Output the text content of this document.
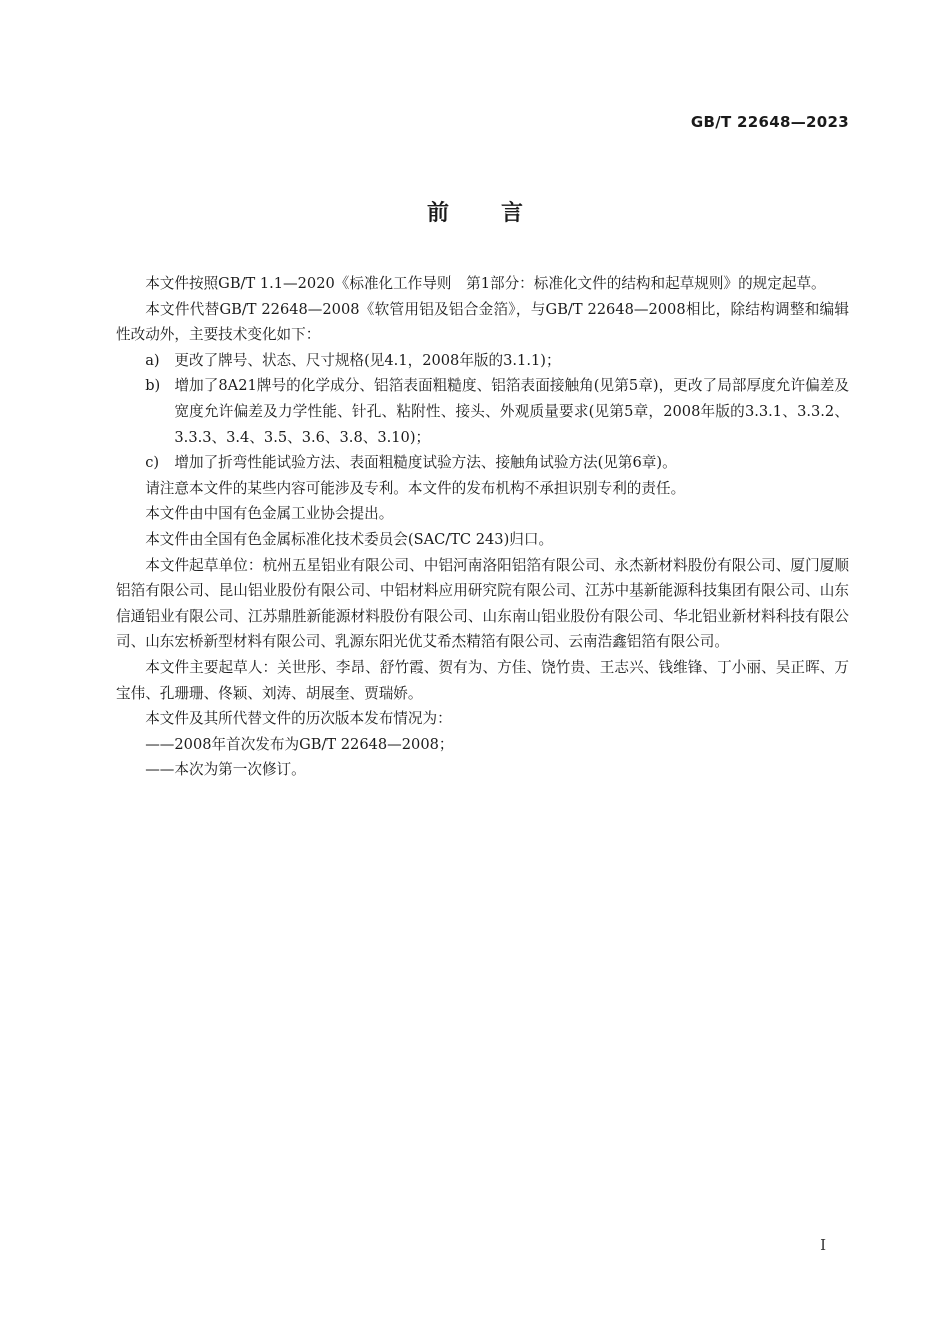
GB/T 22648—2023
前言

本文件按照GB/T 1.1—2020《标准化工作导则　第1部分：标准化文件的结构和起草规则》的规定起草。

本文件代替GB/T 22648—2008《软管用铝及铝合金箔》，与GB/T 22648—2008相比，除结构调整和编辑性改动外，主要技术变化如下：

a) 更改了牌号、状态、尺寸规格(见4.1，2008年版的3.1.1)；

b) 增加了8A21牌号的化学成分、铝箔表面粗糙度、铝箔表面接触角(见第5章)，更改了局部厚度允许偏差及宽度允许偏差及力学性能、针孔、粘附性、接头、外观质量要求(见第5章，2008年版的3.3.1、3.3.2、3.3.3、3.4、3.5、3.6、3.8、3.10)；

c) 增加了折弯性能试验方法、表面粗糙度试验方法、接触角试验方法(见第6章)。

请注意本文件的某些内容可能涉及专利。本文件的发布机构不承担识别专利的责任。

本文件由中国有色金属工业协会提出。

本文件由全国有色金属标准化技术委员会(SAC/TC 243)归口。

本文件起草单位：杭州五星铝业有限公司、中铝河南洛阳铝箔有限公司、永杰新材料股份有限公司、厦门厦顺铝箔有限公司、昆山铝业股份有限公司、中铝材料应用研究院有限公司、江苏中基新能源科技集团有限公司、山东信通铝业有限公司、江苏鼎胜新能源材料股份有限公司、山东南山铝业股份有限公司、华北铝业新材料科技有限公司、山东宏桥新型材料有限公司、乳源东阳光优艾希杰精箔有限公司、云南浩鑫铝箔有限公司。

本文件主要起草人：关世彤、李昂、舒竹霞、贺有为、方佳、饶竹贵、王志兴、钱维锋、丁小丽、吴正晖、万宝伟、孔珊珊、佟颖、刘涛、胡展奎、贾瑞娇。

本文件及其所代替文件的历次版本发布情况为：

——2008年首次发布为GB/T 22648—2008；

——本次为第一次修订。

I
